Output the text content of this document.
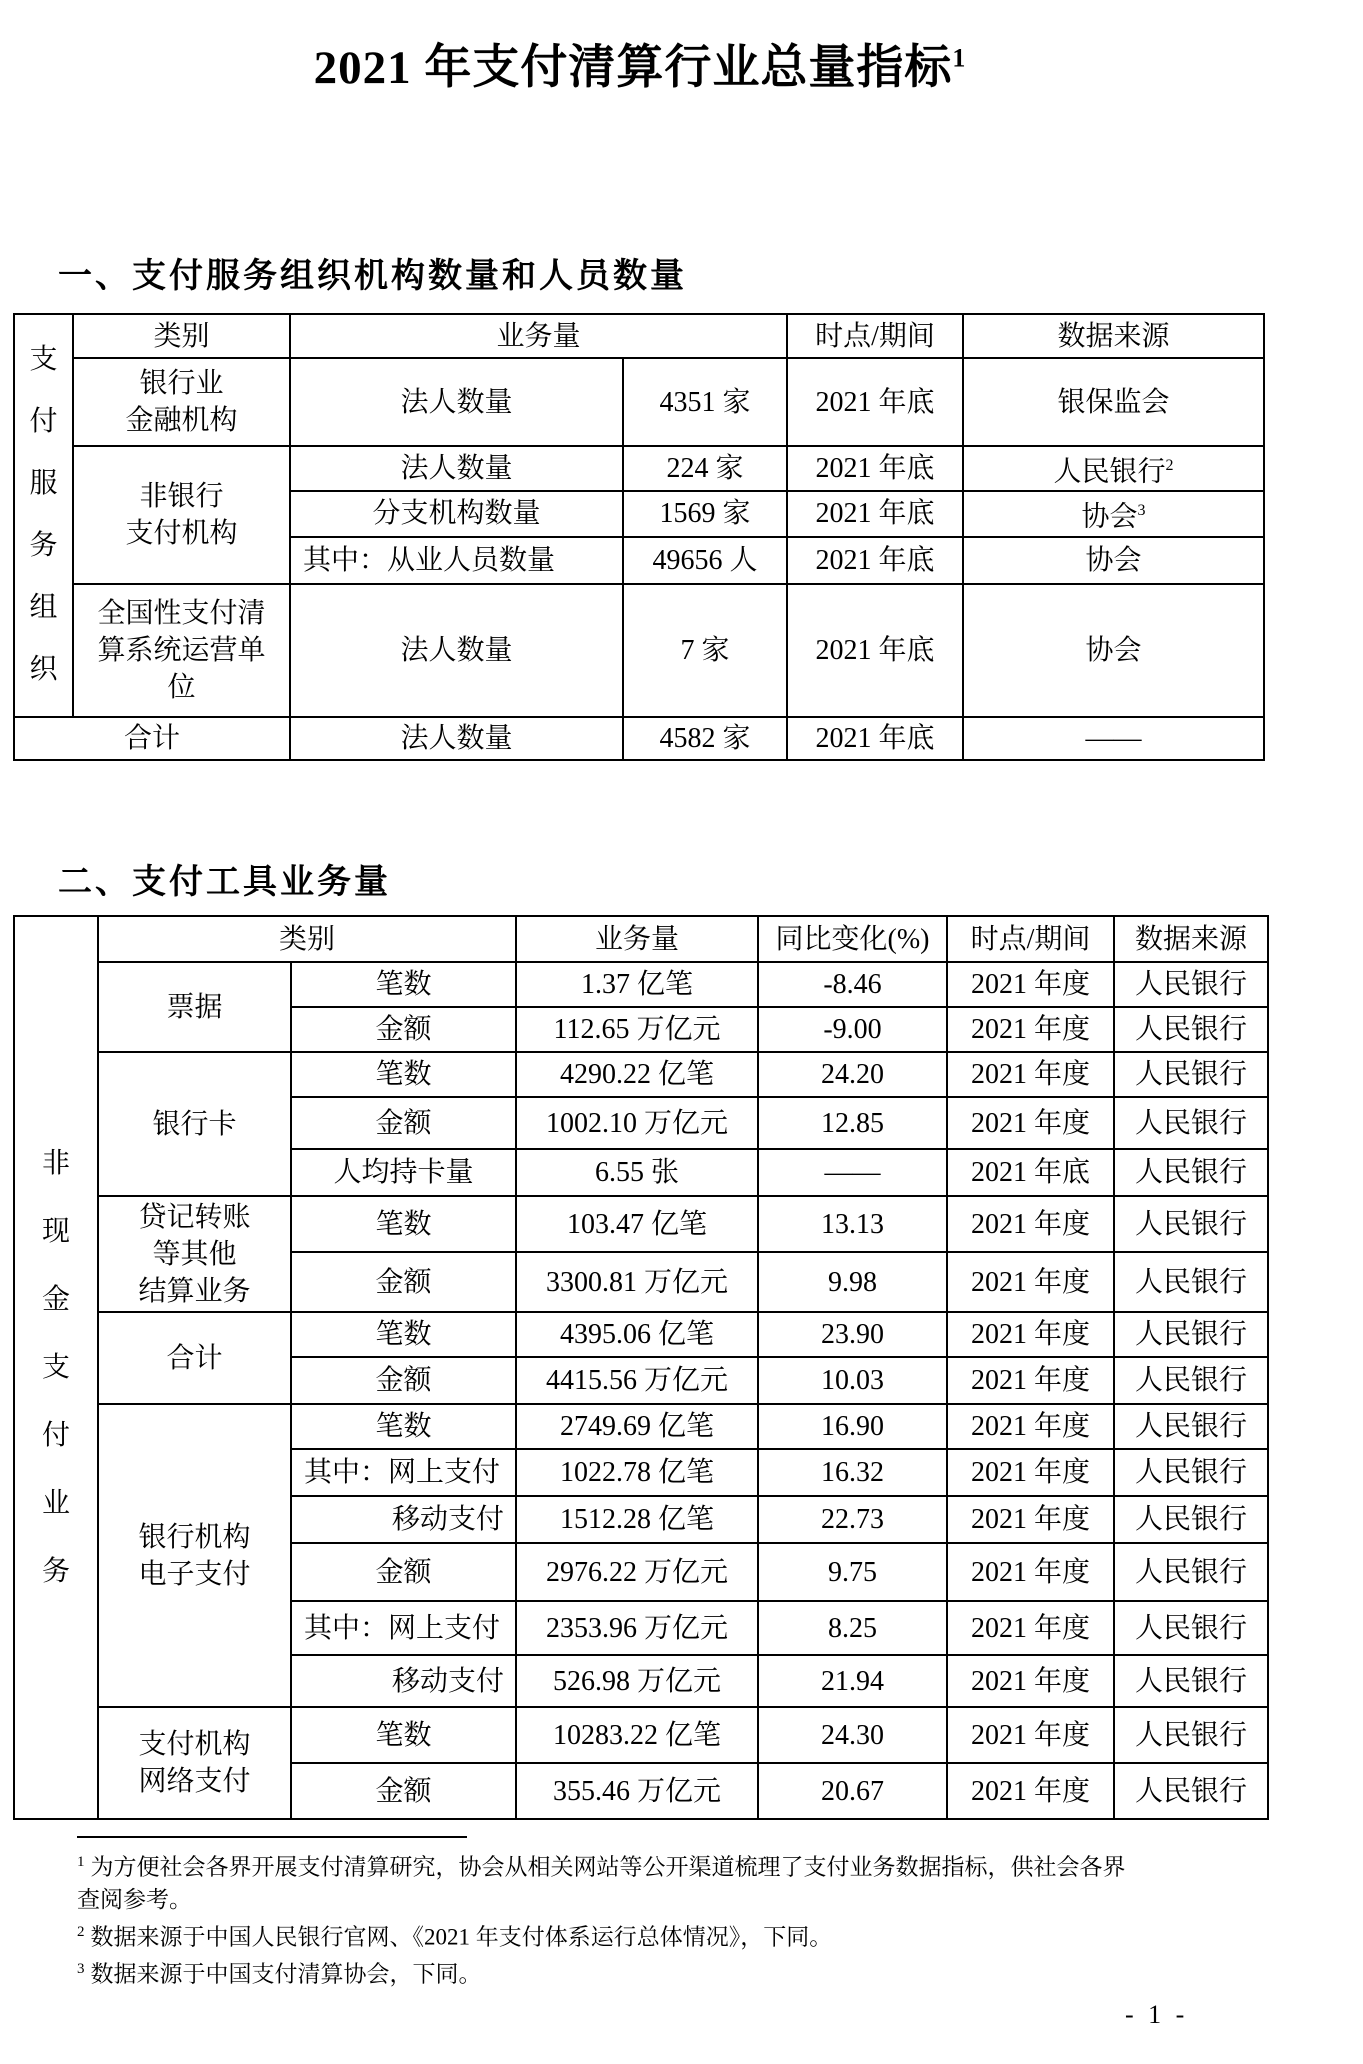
2021 年支付清算行业总量指标$^1$
一、支付服务组织机构数量和人员数量
支
付
服
务
组
织
	类别	业务量	时点/期间	数据来源
	银行业
金融机构	法人数量	4351 家	2021 年底	银保监会
	非银行
支付机构	法人数量	224 家	2021 年底	人民银行$^2$
		分支机构数量	1569 家	2021 年底	协会$^3$
		其中：从业人员数量	49656 人	2021 年底	协会
	全国性支付清
算系统运营单
位	法人数量	7 家	2021 年底	协会
合计		法人数量	4582 家	2021 年底	——
二、支付工具业务量
非
现
金
支
付
业
务
	类别	业务量	同比变化(%)	时点/期间	数据来源
	票据	笔数	1.37 亿笔	-8.46	2021 年度	人民银行
		金额	112.65 万亿元	-9.00	2021 年度	人民银行
	银行卡	笔数	4290.22 亿笔	24.20	2021 年度	人民银行
		金额	1002.10 万亿元	12.85	2021 年度	人民银行
		人均持卡量	6.55 张	——	2021 年底	人民银行
	贷记转账
等其他
结算业务	笔数	103.47 亿笔	13.13	2021 年度	人民银行
		金额	3300.81 万亿元	9.98	2021 年度	人民银行
	合计	笔数	4395.06 亿笔	23.90	2021 年度	人民银行
		金额	4415.56 万亿元	10.03	2021 年度	人民银行
	银行机构
电子支付	笔数	2749.69 亿笔	16.90	2021 年度	人民银行
		其中：网上支付	1022.78 亿笔	16.32	2021 年度	人民银行
		移动支付	1512.28 亿笔	22.73	2021 年度	人民银行
		金额	2976.22 万亿元	9.75	2021 年度	人民银行
		其中：网上支付	2353.96 万亿元	8.25	2021 年度	人民银行
		移动支付	526.98 万亿元	21.94	2021 年度	人民银行
	支付机构
网络支付	笔数	10283.22 亿笔	24.30	2021 年度	人民银行
		金额	355.46 万亿元	20.67	2021 年度	人民银行
$^1$ 为方便社会各界开展支付清算研究，协会从相关网站等公开渠道梳理了支付业务数据指标，供社会各界查阅参考。
$^2$ 数据来源于中国人民银行官网、《2021 年支付体系运行总体情况》，下同。
$^3$ 数据来源于中国支付清算协会，下同。
- 1 -
